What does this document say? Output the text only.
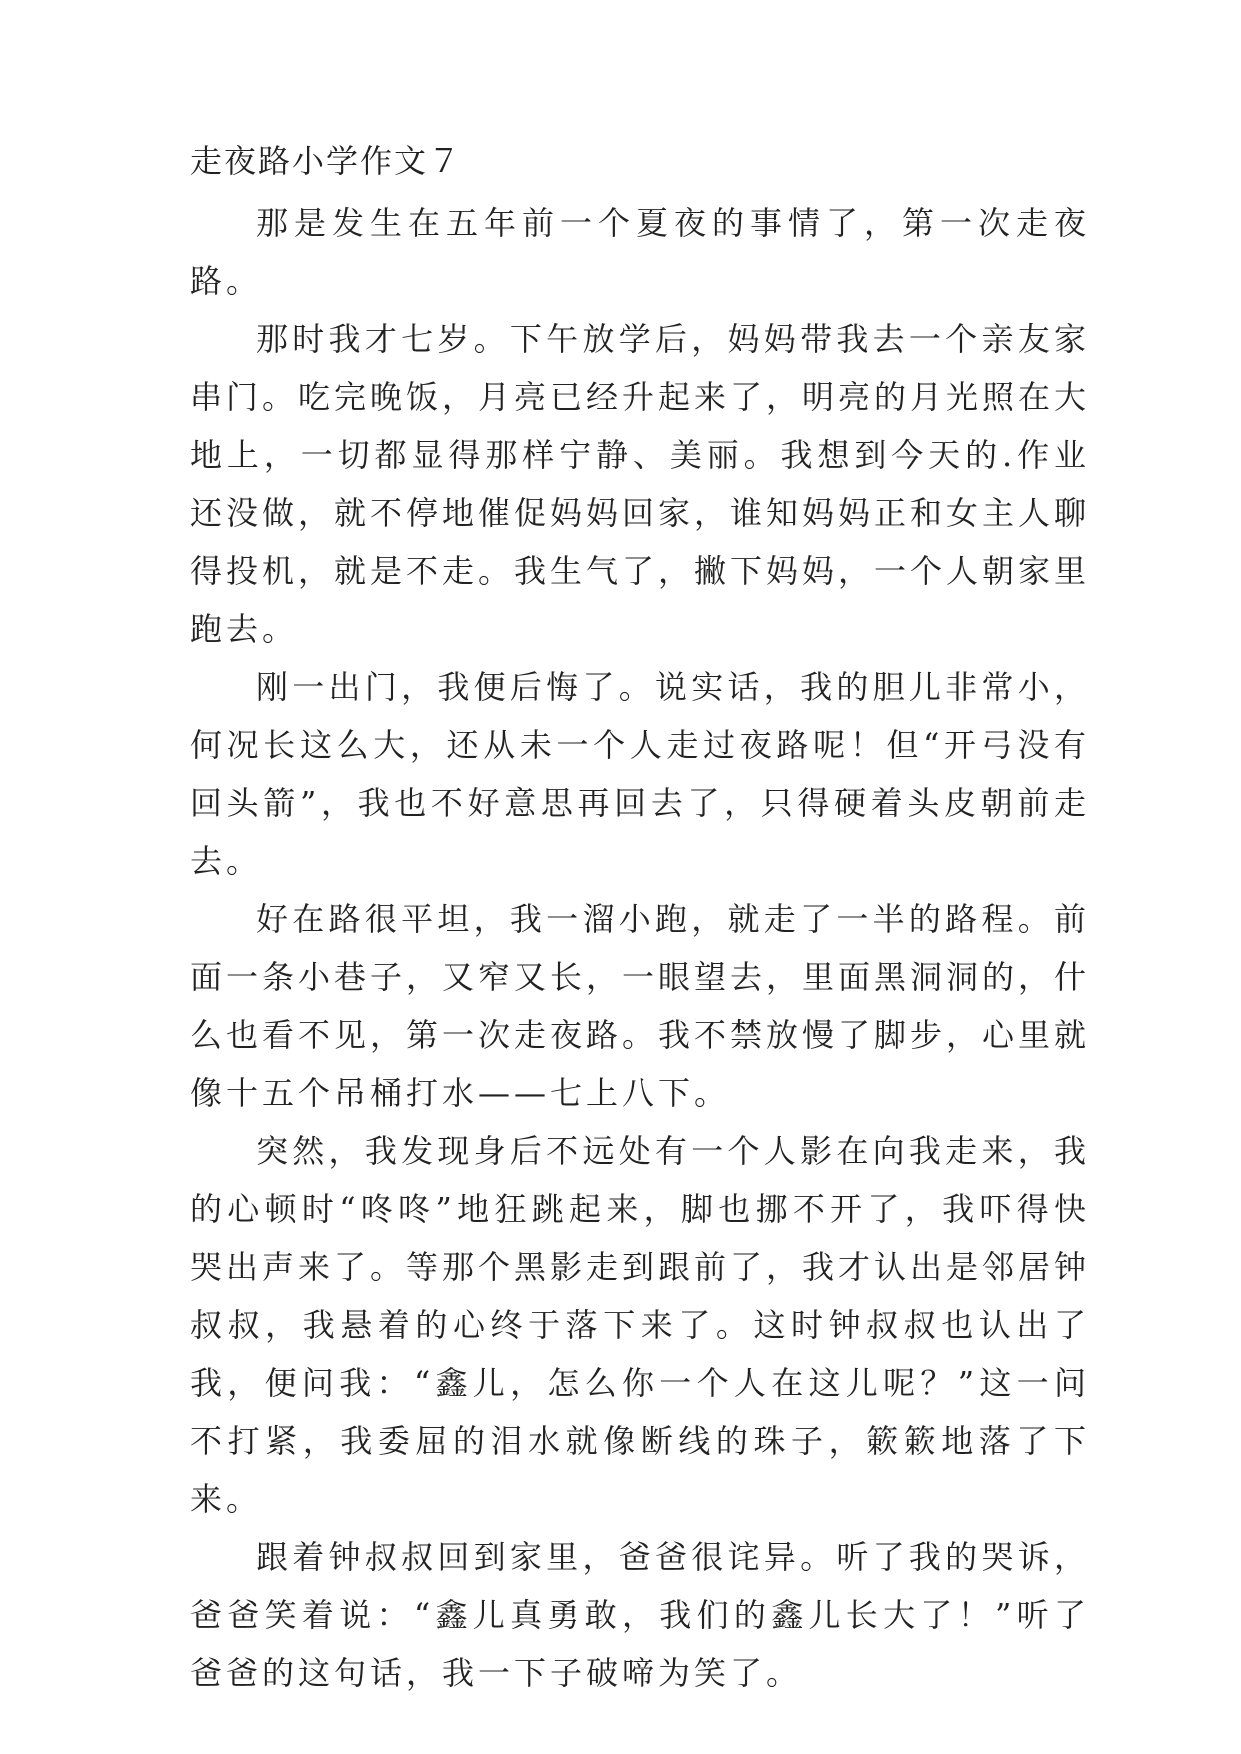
走夜路小学作文７

那是发生在五年前一个夏夜的事情了，第一次走夜路。

那时我才七岁。下午放学后，妈妈带我去一个亲友家串门。吃完晚饭，月亮已经升起来了，明亮的月光照在大地上，一切都显得那样宁静、美丽。我想到今天的.作业还没做，就不停地催促妈妈回家，谁知妈妈正和女主人聊得投机，就是不走。我生气了，撇下妈妈，一个人朝家里跑去。

刚一出门，我便后悔了。说实话，我的胆儿非常小，何况长这么大，还从未一个人走过夜路呢！但“开弓没有回头箭”，我也不好意思再回去了，只得硬着头皮朝前走去。

好在路很平坦，我一溜小跑，就走了一半的路程。前面一条小巷子，又窄又长，一眼望去，里面黑洞洞的，什么也看不见，第一次走夜路。我不禁放慢了脚步，心里就像十五个吊桶打水——七上八下。

突然，我发现身后不远处有一个人影在向我走来，我的心顿时“咚咚”地狂跳起来，脚也挪不开了，我吓得快哭出声来了。等那个黑影走到跟前了，我才认出是邻居钟叔叔，我悬着的心终于落下来了。这时钟叔叔也认出了我，便问我：“鑫儿，怎么你一个人在这儿呢？”这一问不打紧，我委屈的泪水就像断线的珠子，簌簌地落了下来。

跟着钟叔叔回到家里，爸爸很诧异。听了我的哭诉，爸爸笑着说：“鑫儿真勇敢，我们的鑫儿长大了！”听了爸爸的这句话，我一下子破啼为笑了。
